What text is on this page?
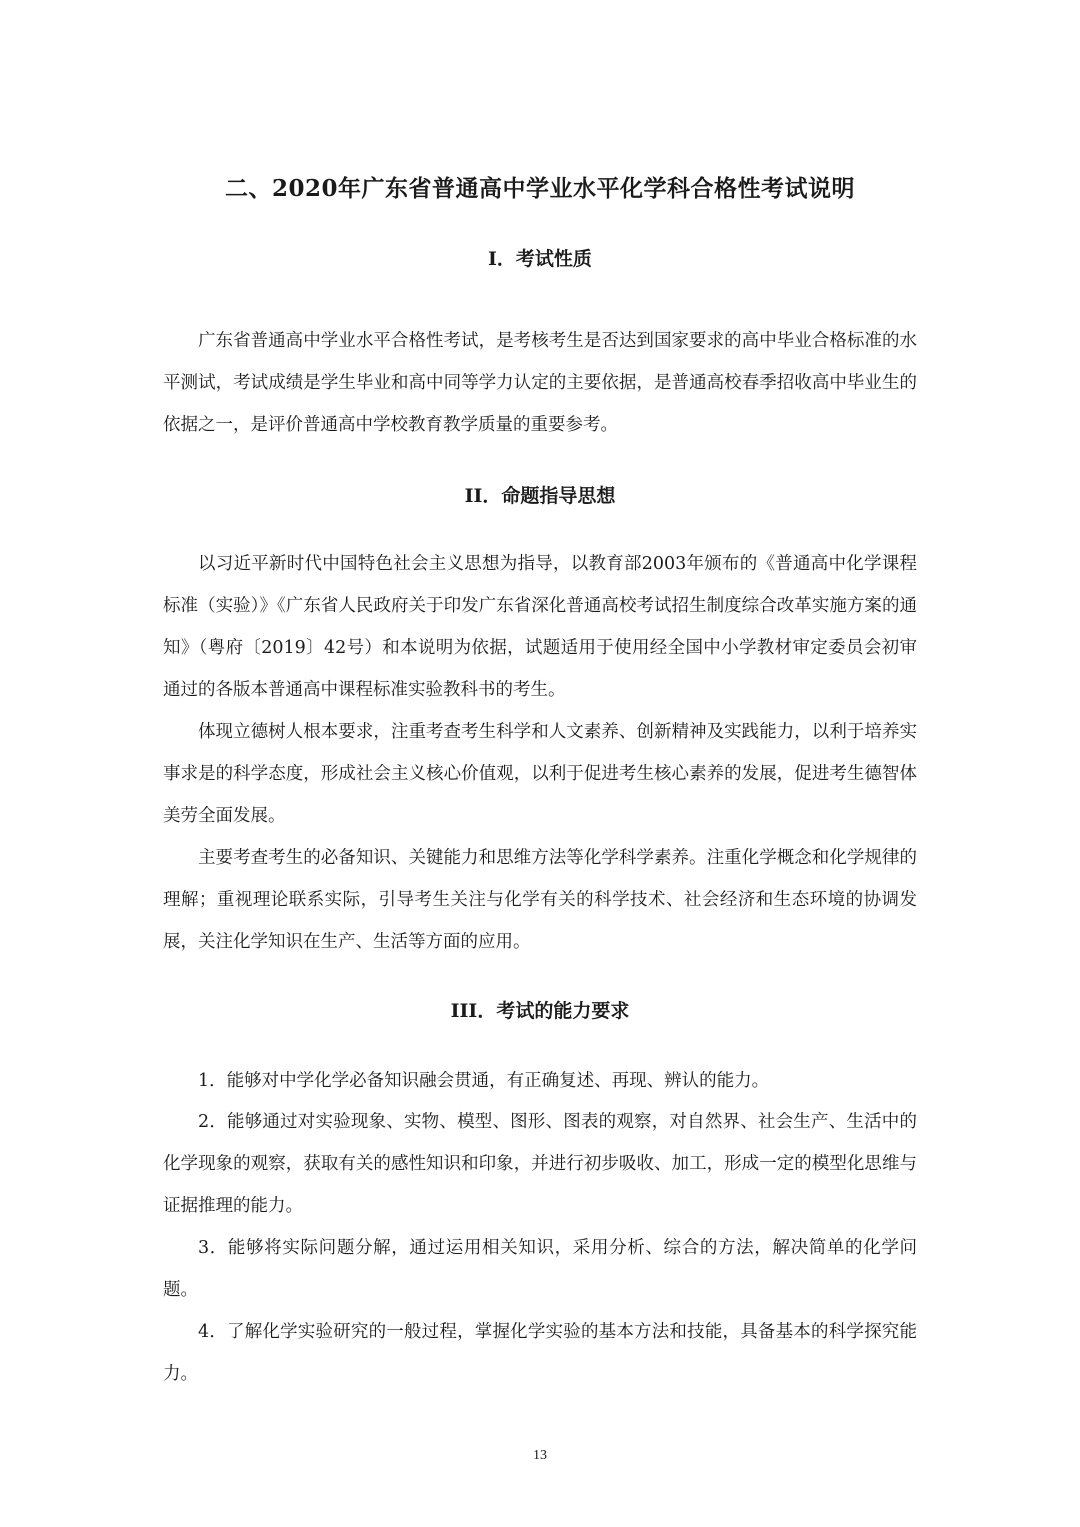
二、2020年广东省普通高中学业水平化学科合格性考试说明
I．考试性质

广东省普通高中学业水平合格性考试，是考核考生是否达到国家要求的高中毕业合格标准的水平测试，考试成绩是学生毕业和高中同等学力认定的主要依据，是普通高校春季招收高中毕业生的依据之一，是评价普通高中学校教育教学质量的重要参考。

II．命题指导思想

以习近平新时代中国特色社会主义思想为指导，以教育部2003年颁布的《普通高中化学课程标准（实验）》《广东省人民政府关于印发广东省深化普通高校考试招生制度综合改革实施方案的通知》（粤府〔2019〕42号）和本说明为依据，试题适用于使用经全国中小学教材审定委员会初审通过的各版本普通高中课程标准实验教科书的考生。

体现立德树人根本要求，注重考查考生科学和人文素养、创新精神及实践能力，以利于培养实事求是的科学态度，形成社会主义核心价值观，以利于促进考生核心素养的发展，促进考生德智体美劳全面发展。

主要考查考生的必备知识、关键能力和思维方法等化学科学素养。注重化学概念和化学规律的理解；重视理论联系实际，引导考生关注与化学有关的科学技术、社会经济和生态环境的协调发展，关注化学知识在生产、生活等方面的应用。

III．考试的能力要求

1．能够对中学化学必备知识融会贯通，有正确复述、再现、辨认的能力。

2．能够通过对实验现象、实物、模型、图形、图表的观察，对自然界、社会生产、生活中的化学现象的观察，获取有关的感性知识和印象，并进行初步吸收、加工，形成一定的模型化思维与证据推理的能力。

3．能够将实际问题分解，通过运用相关知识，采用分析、综合的方法，解决简单的化学问题。

4．了解化学实验研究的一般过程，掌握化学实验的基本方法和技能，具备基本的科学探究能力。

13
